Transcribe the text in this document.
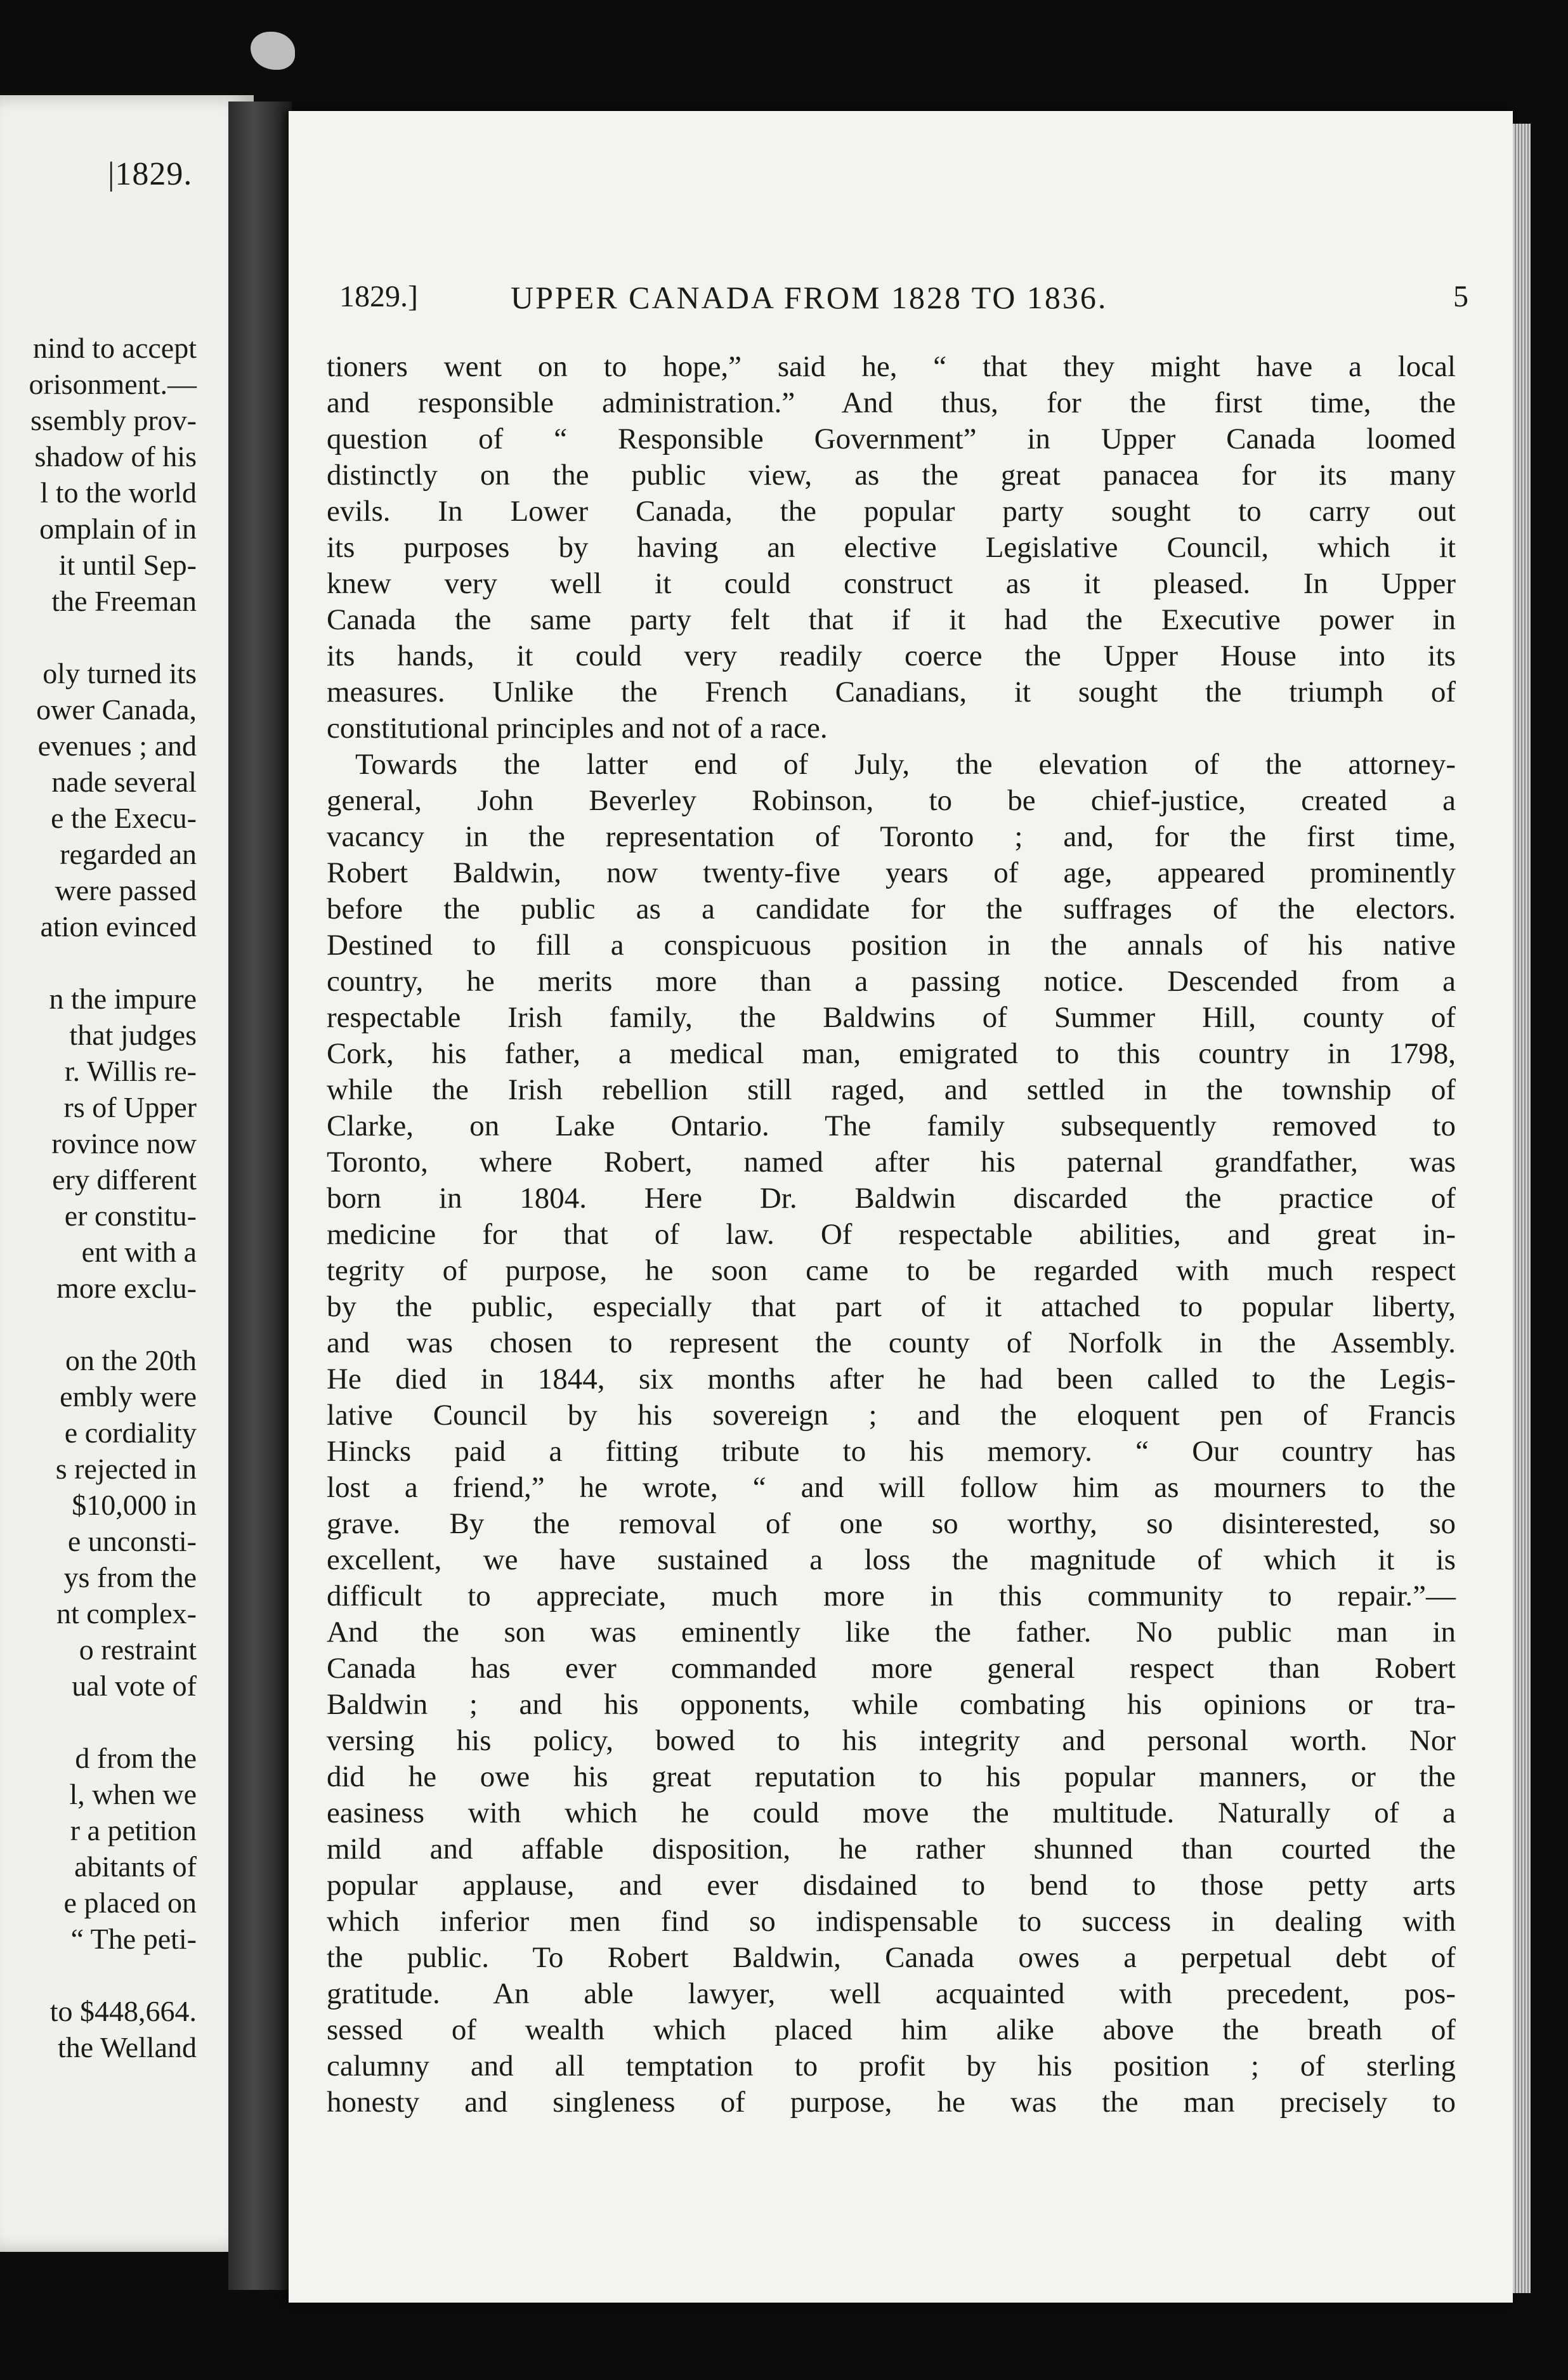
nind to accept
orisonment.—
ssembly prov-
shadow of his
l to the world
omplain of in
it until Sep-
the Freeman
oly turned its
ower Canada,
evenues ; and
nade several
e the Execu-
regarded an
were passed
ation evinced
n the impure
that judges
r. Willis re-
rs of Upper
rovince now
ery different
er constitu-
ent with a
more exclu-
on the 20th
embly were
e cordiality
s rejected in
$10,000 in
e unconsti-
ys from the
nt complex-
o restraint
ual vote of
d from the
l, when we
r a petition
abitants of
e placed on
“ The peti-
to $448,664.
the Welland
|1829.
1829.]	UPPER CANADA FROM 1828 TO 1836.	5
tioners went on to hope,” said he, “ that they might have a local
and responsible administration.” And thus, for the first time, the
question of “ Responsible Government” in Upper Canada loomed
distinctly on the public view, as the great panacea for its many
evils. In Lower Canada, the popular party sought to carry out
its purposes by having an elective Legislative Council, which it
knew very well it could construct as it pleased. In Upper
Canada the same party felt that if it had the Executive power in
its hands, it could very readily coerce the Upper House into its
measures. Unlike the French Canadians, it sought the triumph of
constitutional principles and not of a race.
Towards the latter end of July, the elevation of the attorney-
general, John Beverley Robinson, to be chief-justice, created a
vacancy in the representation of Toronto ; and, for the first time,
Robert Baldwin, now twenty-five years of age, appeared prominently
before the public as a candidate for the suffrages of the electors.
Destined to fill a conspicuous position in the annals of his native
country, he merits more than a passing notice. Descended from a
respectable Irish family, the Baldwins of Summer Hill, county of
Cork, his father, a medical man, emigrated to this country in 1798,
while the Irish rebellion still raged, and settled in the township of
Clarke, on Lake Ontario. The family subsequently removed to
Toronto, where Robert, named after his paternal grandfather, was
born in 1804. Here Dr. Baldwin discarded the practice of
medicine for that of law. Of respectable abilities, and great in-
tegrity of purpose, he soon came to be regarded with much respect
by the public, especially that part of it attached to popular liberty,
and was chosen to represent the county of Norfolk in the Assembly.
He died in 1844, six months after he had been called to the Legis-
lative Council by his sovereign ; and the eloquent pen of Francis
Hincks paid a fitting tribute to his memory. “ Our country has
lost a friend,” he wrote, “ and will follow him as mourners to the
grave. By the removal of one so worthy, so disinterested, so
excellent, we have sustained a loss the magnitude of which it is
difficult to appreciate, much more in this community to repair.”—
And the son was eminently like the father. No public man in
Canada has ever commanded more general respect than Robert
Baldwin ; and his opponents, while combating his opinions or tra-
versing his policy, bowed to his integrity and personal worth. Nor
did he owe his great reputation to his popular manners, or the
easiness with which he could move the multitude. Naturally of a
mild and affable disposition, he rather shunned than courted the
popular applause, and ever disdained to bend to those petty arts
which inferior men find so indispensable to success in dealing with
the public. To Robert Baldwin, Canada owes a perpetual debt of
gratitude. An able lawyer, well acquainted with precedent, pos-
sessed of wealth which placed him alike above the breath of
calumny and all temptation to profit by his position ; of sterling
honesty and singleness of purpose, he was the man precisely to
